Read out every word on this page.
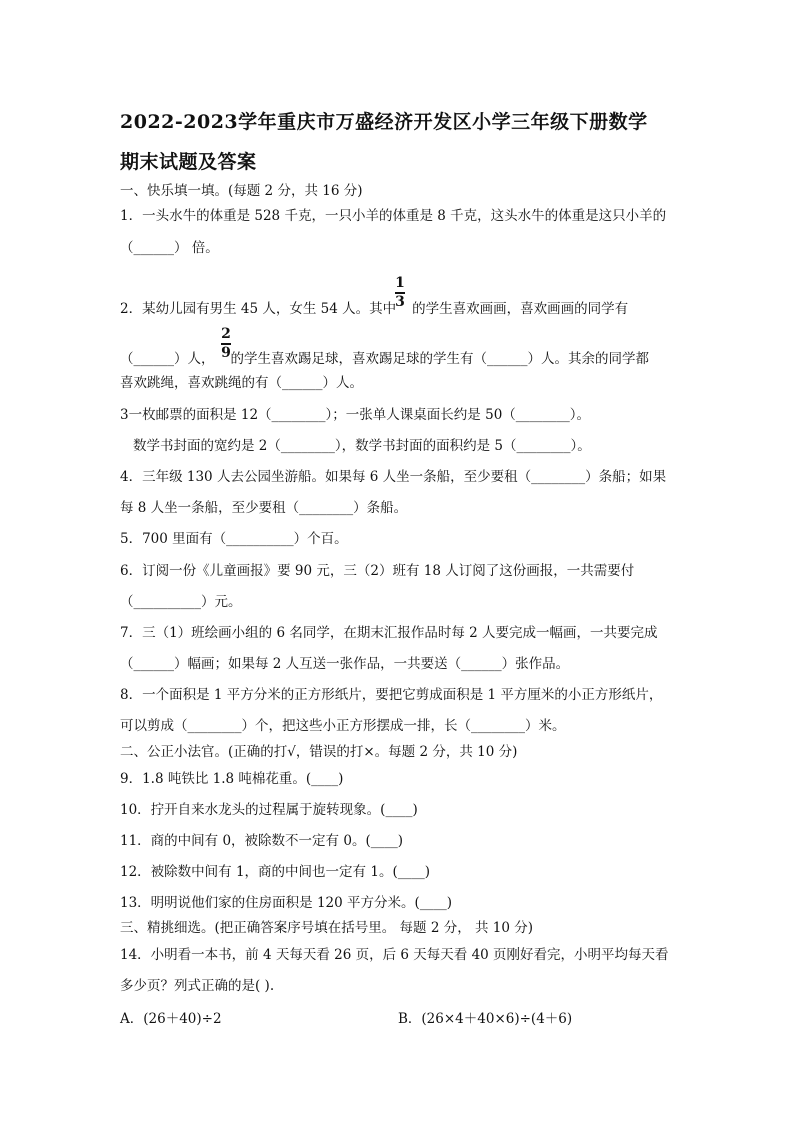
2022-2023学年重庆市万盛经济开发区小学三年级下册数学
期末试题及答案
一、快乐填一填。(每题 2 分，共 16 分)
1．一头水牛的体重是 528 千克，一只小羊的体重是 8 千克，这头水牛的体重是这只小羊的
（______） 倍。
2．某幼儿园有男生 45 人，女生 54 人。其中 的学生喜欢画画，喜欢画画的同学有
1
3
（______）人， 的学生喜欢踢足球，喜欢踢足球的学生有（______）人。其余的同学都
2
9
喜欢跳绳，喜欢跳绳的有（______）人。
3一枚邮票的面积是 12（________）；一张单人课桌面长约是 50（________）。
数学书封面的宽约是 2（________），数学书封面的面积约是 5（________）。
4．三年级 130 人去公园坐游船。如果每 6 人坐一条船，至少要租（________）条船；如果
每 8 人坐一条船，至少要租（________）条船。
5．700 里面有（__________）个百。
6．订阅一份《儿童画报》要 90 元，三（2）班有 18 人订阅了这份画报，一共需要付
（__________）元。
7．三（1）班绘画小组的 6 名同学，在期末汇报作品时每 2 人要完成一幅画，一共要完成
（______）幅画；如果每 2 人互送一张作品，一共要送（______）张作品。
8．一个面积是 1 平方分米的正方形纸片，要把它剪成面积是 1 平方厘米的小正方形纸片，
可以剪成（________）个，把这些小正方形摆成一排，长（________）米。
二、公正小法官。(正确的打√，错误的打×。每题 2 分，共 10 分)
9．1.8 吨铁比 1.8 吨棉花重。(____)
10．拧开自来水龙头的过程属于旋转现象。(____)
11．商的中间有 0，被除数不一定有 0。(____)
12．被除数中间有 1，商的中间也一定有 1。(____)
13．明明说他们家的住房面积是 120 平方分米。(____)
三、精挑细选。(把正确答案序号填在括号里。 每题 2 分， 共 10 分)
14．小明看一本书，前 4 天每天看 26 页，后 6 天每天看 40 页刚好看完，小明平均每天看
多少页？列式正确的是( ).
A．(26＋40)÷2	B．(26×4＋40×6)÷(4＋6)
